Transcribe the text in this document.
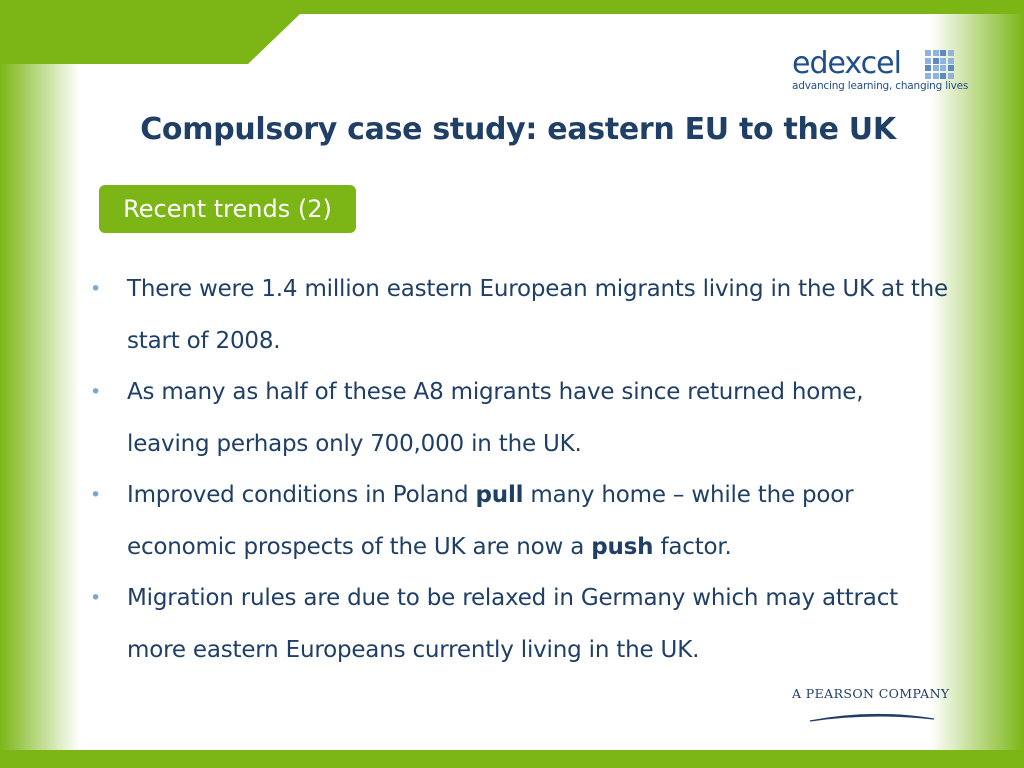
edexcel
advancing learning, changing lives
Compulsory case study: eastern EU to the UK
Recent trends (2)
• There were 1.4 million eastern European migrants living in the UK at the start of 2008.
• As many as half of these A8 migrants have since returned home, leaving perhaps only 700,000 in the UK.
• Improved conditions in Poland pull many home – while the poor economic prospects of the UK are now a push factor.
• Migration rules are due to be relaxed in Germany which may attract more eastern Europeans currently living in the UK.
A PEARSON COMPANY
